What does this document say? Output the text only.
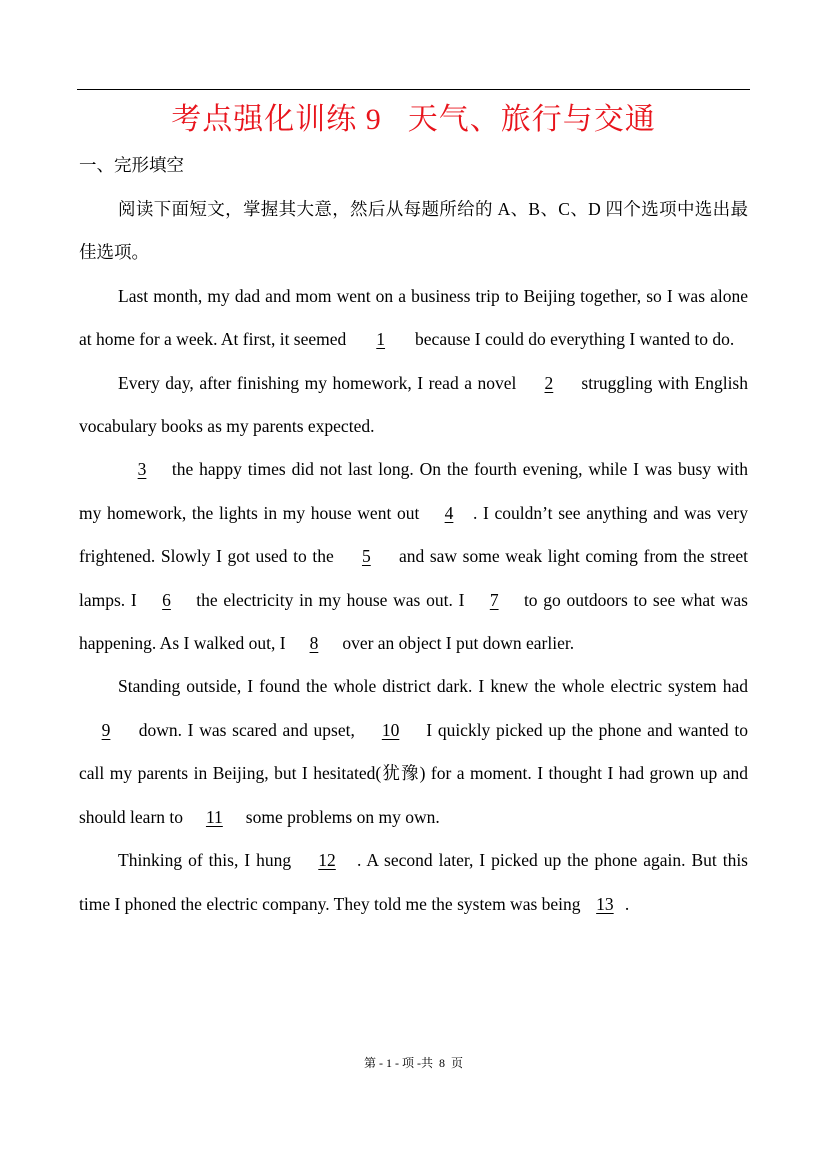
考点强化训练 9 天气、旅行与交通
一、完形填空

阅读下面短文，掌握其大意，然后从每题所给的 A、B、C、D 四个选项中选出最佳选项。

Last month, my dad and mom went on a business trip to Beijing together, so I was alone at home for a week. At first, it seemed 1 because I could do everything I wanted to do.

Every day, after finishing my homework, I read a novel 2 struggling with English vocabulary books as my parents expected.

3 the happy times did not last long. On the fourth evening, while I was busy with my homework, the lights in my house went out 4 . I couldn’t see anything and was very frightened. Slowly I got used to the 5 and saw some weak light coming from the street lamps. I 6 the electricity in my house was out. I 7 to go outdoors to see what was happening. As I walked out, I 8 over an object I put down earlier.

Standing outside, I found the whole district dark. I knew the whole electric system had 9 down. I was scared and upset, 10 I quickly picked up the phone and wanted to call my parents in Beijing, but I hesitated(犹豫) for a moment. I thought I had grown up and should learn to 11 some problems on my own.

Thinking of this, I hung 12 . A second later, I picked up the phone again. But this time I phoned the electric company. They told me the system was being 13 .

第 - 1 - 项 -共  8  页
